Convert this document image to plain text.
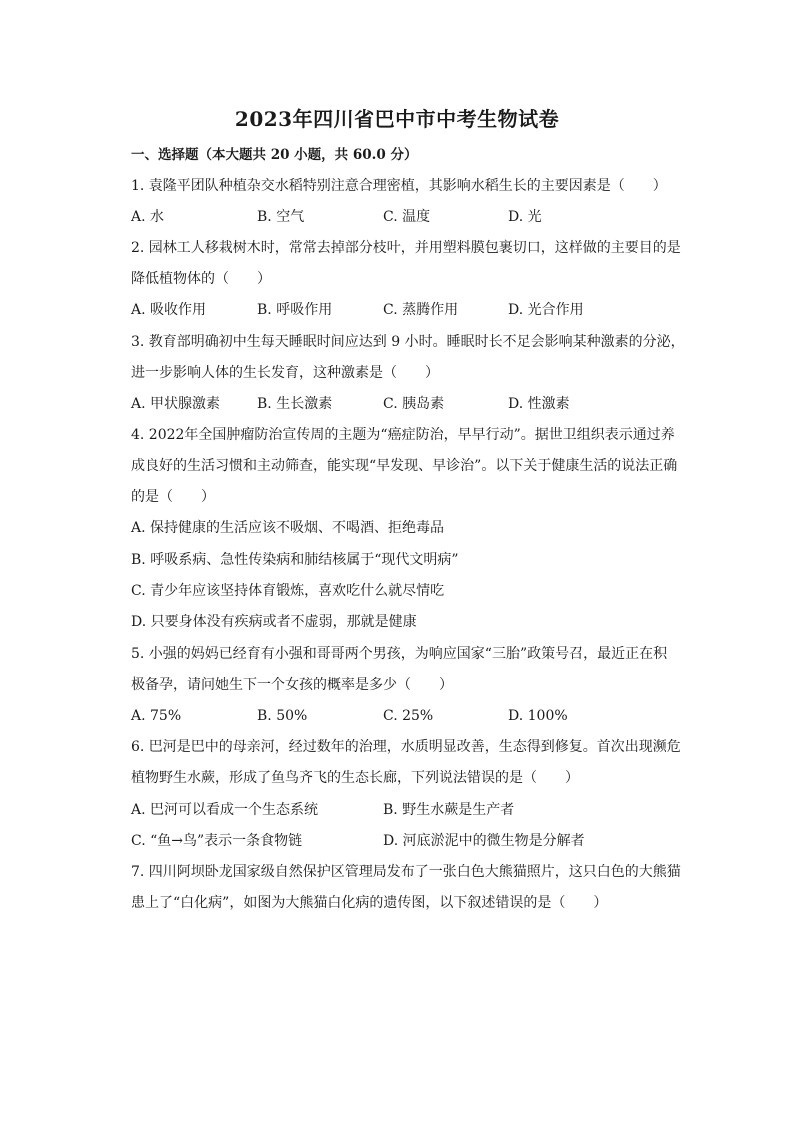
2023年四川省巴中市中考生物试卷
一、选择题（本大题共 20 小题，共 60.0 分）
1. 袁隆平团队种植杂交水稻特别注意合理密植，其影响水稻生长的主要因素是（　　）
A. 水	B. 空气	C. 温度	D. 光
2. 园林工人移栽树木时，常常去掉部分枝叶，并用塑料膜包裹切口，这样做的主要目的是
降低植物体的（　　）
A. 吸收作用	B. 呼吸作用	C. 蒸腾作用	D. 光合作用
3. 教育部明确初中生每天睡眠时间应达到 9 小时。睡眠时长不足会影响某种激素的分泌，
进一步影响人体的生长发育，这种激素是（　　）
A. 甲状腺激素	B. 生长激素	C. 胰岛素	D. 性激素
4. 2022年全国肿瘤防治宣传周的主题为“癌症防治，早早行动”。据世卫组织表示通过养
成良好的生活习惯和主动筛查，能实现“早发现、早诊治”。以下关于健康生活的说法正确
的是（　　）
A. 保持健康的生活应该不吸烟、不喝酒、拒绝毒品
B. 呼吸系病、急性传染病和肺结核属于“现代文明病”
C. 青少年应该坚持体育锻炼，喜欢吃什么就尽情吃
D. 只要身体没有疾病或者不虚弱，那就是健康
5. 小强的妈妈已经育有小强和哥哥两个男孩，为响应国家“三胎”政策号召，最近正在积
极备孕，请问她生下一个女孩的概率是多少（　　）
A. 75%	B. 50%	C. 25%	D. 100%
6. 巴河是巴中的母亲河，经过数年的治理，水质明显改善，生态得到修复。首次出现濒危
植物野生水蕨，形成了鱼鸟齐飞的生态长廊，下列说法错误的是（　　）
A. 巴河可以看成一个生态系统	B. 野生水蕨是生产者
C. “鱼→鸟”表示一条食物链	D. 河底淤泥中的微生物是分解者
7. 四川阿坝卧龙国家级自然保护区管理局发布了一张白色大熊猫照片，这只白色的大熊猫
患上了“白化病”，如图为大熊猫白化病的遗传图，以下叙述错误的是（　　）
